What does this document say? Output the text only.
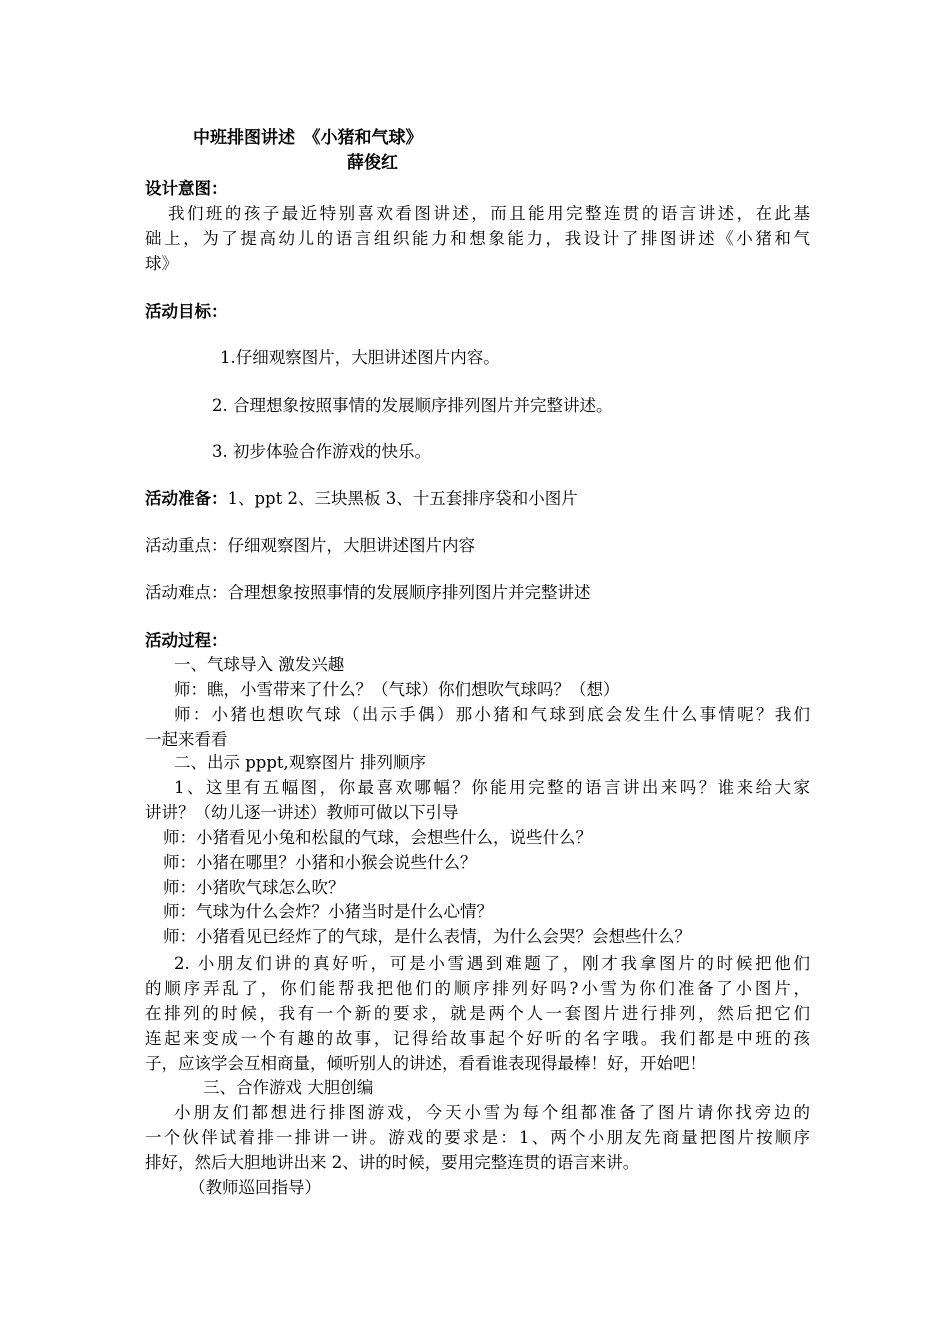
中班排图讲述　《小猪和气球》
薛俊红
设计意图：
我们班的孩子最近特别喜欢看图讲述，而且能用完整连贯的语言讲述，在此基
础上，为了提高幼儿的语言组织能力和想象能力，我设计了排图讲述《小猪和气
球》
活动目标：
1.仔细观察图片，大胆讲述图片内容。
2. 合理想象按照事情的发展顺序排列图片并完整讲述。
3. 初步体验合作游戏的快乐。
活动准备：1、ppt 2、三块黑板 3、十五套排序袋和小图片
活动重点：仔细观察图片，大胆讲述图片内容
活动难点：合理想象按照事情的发展顺序排列图片并完整讲述
活动过程：
一、气球导入 激发兴趣
师：瞧，小雪带来了什么？（气球）你们想吹气球吗？（想）
师：小猪也想吹气球（出示手偶）那小猪和气球到底会发生什么事情呢？我们
一起来看看
二、出示 pppt,观察图片 排列顺序
1、这里有五幅图，你最喜欢哪幅？你能用完整的语言讲出来吗？谁来给大家
讲讲？（幼儿逐一讲述）教师可做以下引导
师：小猪看见小兔和松鼠的气球，会想些什么，说些什么？
师：小猪在哪里？小猪和小猴会说些什么？
师：小猪吹气球怎么吹？
师：气球为什么会炸？小猪当时是什么心情？
师：小猪看见已经炸了的气球，是什么表情，为什么会哭？会想些什么？
2. 小朋友们讲的真好听，可是小雪遇到难题了，刚才我拿图片的时候把他们
的顺序弄乱了，你们能帮我把他们的顺序排列好吗?小雪为你们准备了小图片，
在排列的时候，我有一个新的要求，就是两个人一套图片进行排列，然后把它们
连起来变成一个有趣的故事，记得给故事起个好听的名字哦。我们都是中班的孩
子，应该学会互相商量，倾听别人的讲述，看看谁表现得最棒！好，开始吧！
三、合作游戏 大胆创编
小朋友们都想进行排图游戏，今天小雪为每个组都准备了图片请你找旁边的
一个伙伴试着排一排讲一讲。游戏的要求是：1、两个小朋友先商量把图片按顺序
排好，然后大胆地讲出来 2、讲的时候，要用完整连贯的语言来讲。
（教师巡回指导）
